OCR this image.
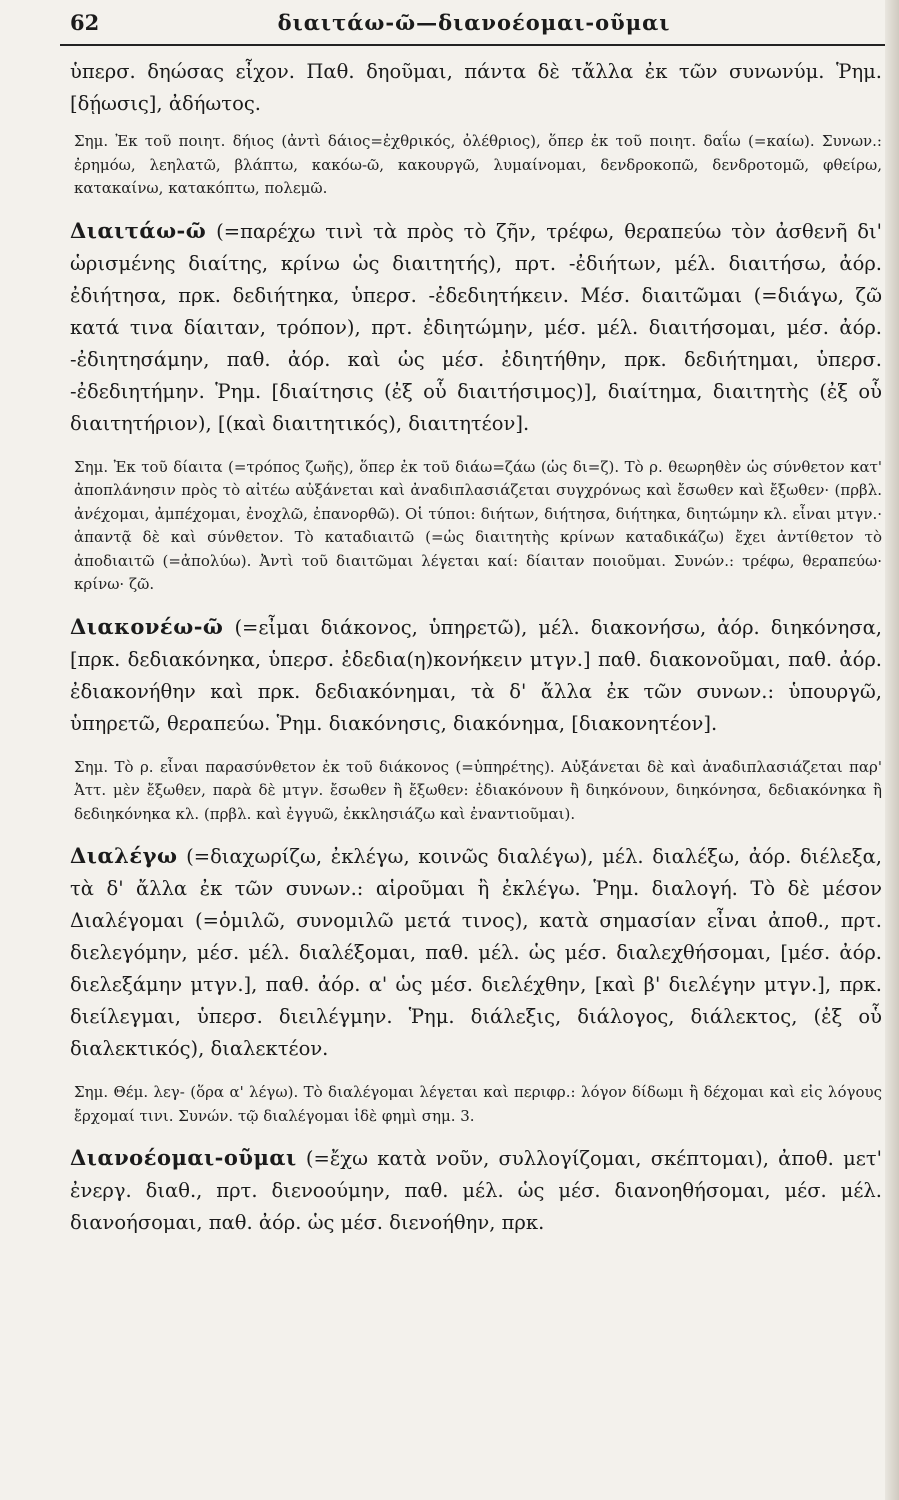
62	διαιτάω-ῶ—διανοέομαι-οῦμαι

ὑπερσ. δηώσας εἶχον. Παθ. δηοῦμαι, πάντα δὲ τἄλλα ἐκ τῶν συνωνύμ. Ῥημ. [δῄωσις], ἀδήωτος.

Σημ. Ἐκ τοῦ ποιητ. δήιος (ἀντὶ δάιος=ἐχθρικός, ὀλέθριος), ὅπερ ἐκ τοῦ ποιητ. δαΐω (=καίω). Συνων.: ἐρημόω, λεηλατῶ, βλάπτω, κακόω-ῶ, κακουργῶ, λυμαίνομαι, δενδροκοπῶ, δενδροτομῶ, φθείρω, κατακαίνω, κατακόπτω, πολεμῶ.

Διαιτάω-ῶ (=παρέχω τινὶ τὰ πρὸς τὸ ζῆν, τρέφω, θεραπεύω τὸν ἀσθενῆ δι' ὡρισμένης διαίτης, κρίνω ὡς διαιτητής), πρτ. -ἐδιήτων, μέλ. διαιτήσω, ἀόρ. ἐδιήτησα, πρκ. δεδιήτηκα, ὑπερσ. -ἐδεδιητήκειν. Μέσ. διαιτῶμαι (=διάγω, ζῶ κατά τινα δίαιταν, τρόπον), πρτ. ἐδιητώμην, μέσ. μέλ. διαιτήσομαι, μέσ. ἀόρ. -ἐδιητησάμην, παθ. ἀόρ. καὶ ὡς μέσ. ἐδιητήθην, πρκ. δεδιήτημαι, ὑπερσ. -ἐδεδιητήμην. Ῥημ. [διαίτησις (ἐξ οὗ διαιτήσιμος)], διαίτημα, διαιτητὴς (ἐξ οὗ διαιτητήριον), [(καὶ διαιτητικός), διαιτητέον].

Σημ. Ἐκ τοῦ δίαιτα (=τρόπος ζωῆς), ὅπερ ἐκ τοῦ διάω=ζάω (ὡς δι=ζ). Τὸ ρ. θεωρηθὲν ὡς σύνθετον κατ' ἀποπλάνησιν πρὸς τὸ αἰτέω αὐξάνεται καὶ ἀναδιπλασιάζεται συγχρόνως καὶ ἔσωθεν καὶ ἔξωθεν· (πρβλ. ἀνέχομαι, ἀμπέχομαι, ἐνοχλῶ, ἐπανορθῶ). Οἱ τύποι: διήτων, διήτησα, διήτηκα, διητώμην κλ. εἶναι μτγν.· ἁπαντᾷ δὲ καὶ σύνθετον. Τὸ καταδιαιτῶ (=ὡς διαιτητὴς κρίνων καταδικάζω) ἔχει ἀντίθετον τὸ ἀποδιαιτῶ (=ἀπολύω). Ἀντὶ τοῦ διαιτῶμαι λέγεται καί: δίαιταν ποιοῦμαι. Συνών.: τρέφω, θεραπεύω· κρίνω· ζῶ.

Διακονέω-ῶ (=εἶμαι διάκονος, ὑπηρετῶ), μέλ. διακονήσω, ἀόρ. διηκόνησα, [πρκ. δεδιακόνηκα, ὑπερσ. ἐδεδια(η)κονήκειν μτγν.] παθ. διακονοῦμαι, παθ. ἀόρ. ἐδιακονήθην καὶ πρκ. δεδιακόνημαι, τὰ δ' ἄλλα ἐκ τῶν συνων.: ὑπουργῶ, ὑπηρετῶ, θεραπεύω. Ῥημ. διακόνησις, διακόνημα, [διακονητέον].

Σημ. Τὸ ρ. εἶναι παρασύνθετον ἐκ τοῦ διάκονος (=ὑπηρέτης). Αὐξάνεται δὲ καὶ ἀναδιπλασιάζεται παρ' Ἀττ. μὲν ἔξωθεν, παρὰ δὲ μτγν. ἔσωθεν ἢ ἔξωθεν: ἐδιακόνουν ἢ διηκόνουν, διηκόνησα, δεδιακόνηκα ἢ δεδιηκόνηκα κλ. (πρβλ. καὶ ἐγγυῶ, ἐκκλησιάζω καὶ ἐναντιοῦμαι).

Διαλέγω (=διαχωρίζω, ἐκλέγω, κοινῶς διαλέγω), μέλ. διαλέξω, ἀόρ. διέλεξα, τὰ δ' ἄλλα ἐκ τῶν συνων.: αἱροῦμαι ἢ ἐκλέγω. Ῥημ. διαλογή. Τὸ δὲ μέσον Διαλέγομαι (=ὁμιλῶ, συνομιλῶ μετά τινος), κατὰ σημασίαν εἶναι ἀποθ., πρτ. διελεγόμην, μέσ. μέλ. διαλέξομαι, παθ. μέλ. ὡς μέσ. διαλεχθήσομαι, [μέσ. ἀόρ. διελεξάμην μτγν.], παθ. ἀόρ. α' ὡς μέσ. διελέχθην, [καὶ β' διελέγην μτγν.], πρκ. διείλεγμαι, ὑπερσ. διειλέγμην. Ῥημ. διάλεξις, διάλογος, διάλεκτος, (ἐξ οὗ διαλεκτικός), διαλεκτέον.

Σημ. Θέμ. λεγ- (ὅρα α' λέγω). Τὸ διαλέγομαι λέγεται καὶ περιφρ.: λόγον δίδωμι ἢ δέχομαι καὶ εἰς λόγους ἔρχομαί τινι. Συνών. τῷ διαλέγομαι ἰδὲ φημὶ σημ. 3.

Διανοέομαι-οῦμαι (=ἔχω κατὰ νοῦν, συλλογίζομαι, σκέπτομαι), ἀποθ. μετ' ἐνεργ. διαθ., πρτ. διενοούμην, παθ. μέλ. ὡς μέσ. διανοηθήσομαι, μέσ. μέλ. διανοήσομαι, παθ. ἀόρ. ὡς μέσ. διενοήθην, πρκ.
